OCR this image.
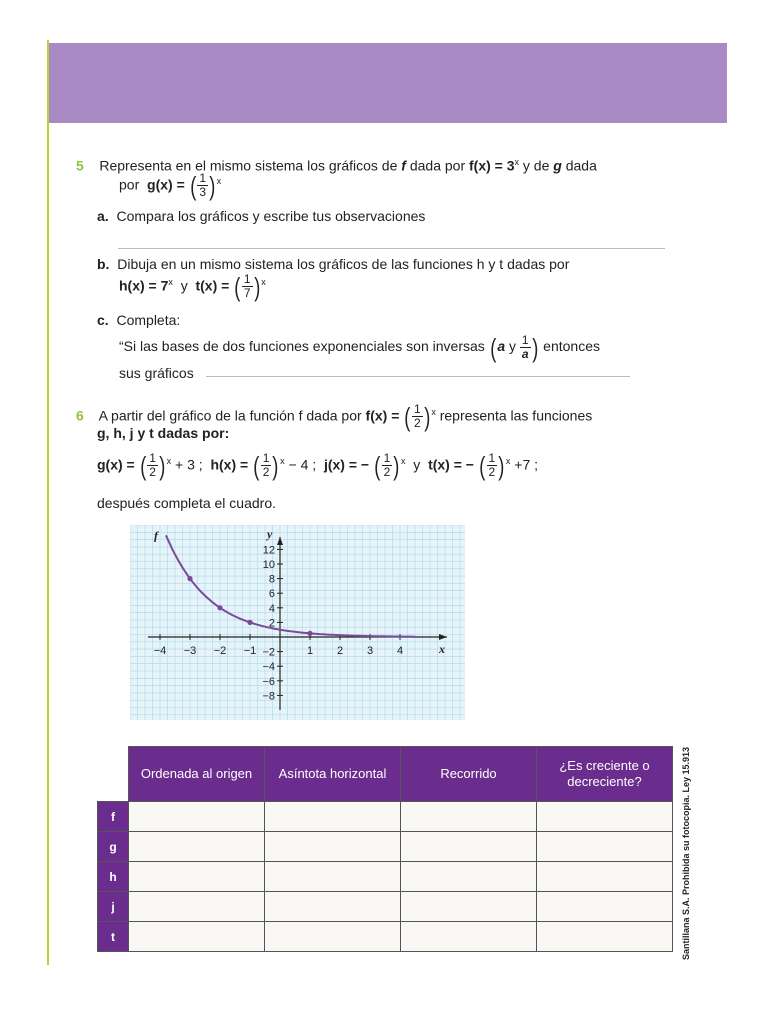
5 Representa en el mismo sistema los gráficos de f dada por $f(x) = 3^x$ y de g dada
por g(x) = ( $\frac{1}{3} )^x$
a. Compara los gráficos y escribe tus observaciones
b. Dibuja en un mismo sistema los gráficos de las funciones h y t dadas por
$h(x) = 7^x$ y t(x) = ( $\frac{1}{7} )^x$
c. Completa:
“Si las bases de dos funciones exponenciales son inversas (a y $\frac{1}{a}$ ) entonces
sus gráficos
6 A partir del gráfico de la función f dada por f(x) = ( $\frac{1}{2} )^x$ representa las funciones
g, h, j y t dadas por:
g(x) = ( $\frac{1}{2} )^x + 3$ ; h(x) = ( $\frac{1}{2} )^x - 4$ ; j(x) = − ( $\frac{1}{2} )^x$ y t(x) = − ( $\frac{1}{2} )^x +7$ ;
después completa el cuadro.
−4 −3 −2 −1	1 2 3 4
12
10
8
6
4
2
−2
−4
−6
−8
f
x
y
	Ordenada al origen	Asíntota horizontal	Recorrido	¿Es creciente o decreciente?
f				
g				
h				
j				
t					Santillana S.A. Prohibida su fotocopia. Ley 15.913
